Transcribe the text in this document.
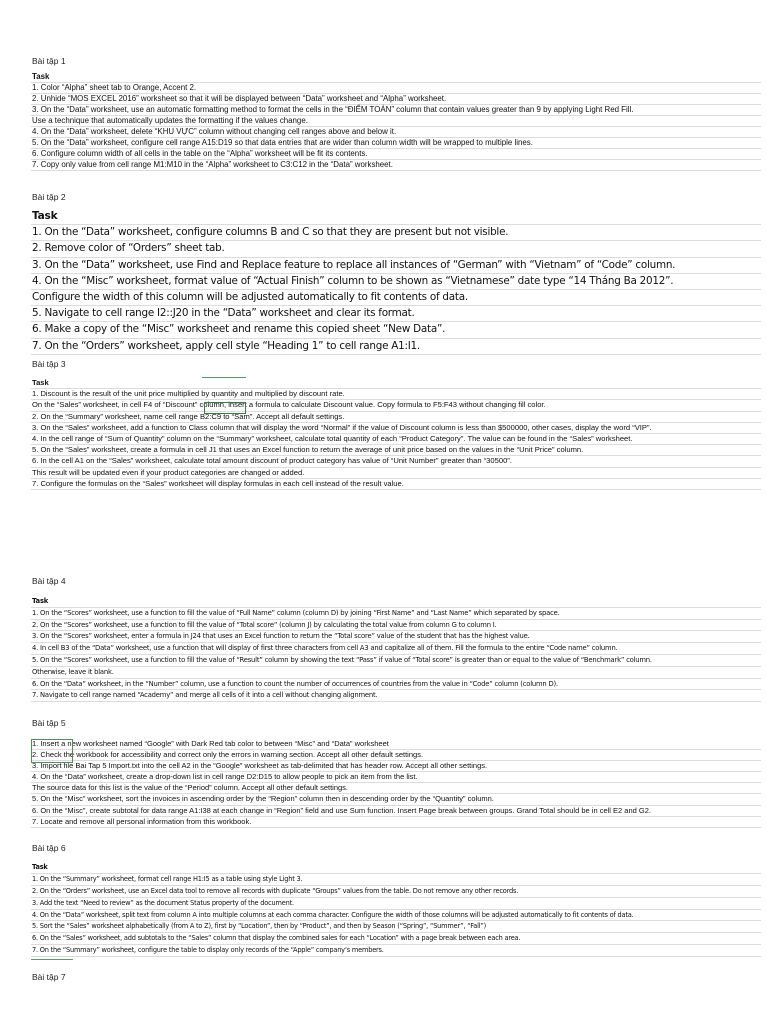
Bài tập 1
Task
1. Color “Alpha” sheet tab to Orange, Accent 2.
2. Unhide “MOS EXCEL 2016” worksheet so that it will be displayed between “Data” worksheet and “Alpha” worksheet.
3. On the “Data” worksheet, use an automatic formatting method to format the cells in the “ĐIỂM TOÁN” column that contain values greater than 9 by applying Light Red Fill.
Use a technique that automatically updates the formatting if the values change.
4. On the “Data” worksheet, delete “KHU VỰC” column without changing cell ranges above and below it.
5. On the “Data” worksheet, configure cell range A15:D19 so that data entries that are wider than column width will be wrapped to multiple lines.
6. Configure column width of all cells in the table on the “Alpha” worksheet will be fit its contents.
7. Copy only value from cell range M1:M10 in the “Alpha” worksheet to C3:C12 in the “Data” worksheet.
Bài tập 2
Task
1. On the “Data” worksheet, configure columns B and C so that they are present but not visible.
2. Remove color of “Orders” sheet tab.
3. On the “Data” worksheet, use Find and Replace feature to replace all instances of “German” with “Vietnam” of “Code” column.
4. On the “Misc” worksheet, format value of “Actual Finish” column to be shown as “Vietnamese” date type “14 Tháng Ba 2012”.
Configure the width of this column will be adjusted automatically to fit contents of data.
5. Navigate to cell range I2::J20 in the “Data” worksheet and clear its format.
6. Make a copy of the “Misc” worksheet and rename this copied sheet “New Data”.
7. On the “Orders” worksheet, apply cell style “Heading 1” to cell range A1:I1.
Bài tập 3
Task
1. Discount is the result of the unit price multiplied by quantity and multiplied by discount rate.
On the “Sales” worksheet, in cell F4 of “Discount” column, insert a formula to calculate Discount value. Copy formula to F5:F43 without changing fill color.
2. On the “Summary” worksheet, name cell range B2:C9 to “Sam”. Accept all default settings.
3. On the “Sales” worksheet, add a function to Class column that will display the word “Normal” if the value of Discount column is less than $500000, other cases, display the word “VIP”.
4. In the cell range of “Sum of Quantity” column on the “Summary” worksheet, calculate total quantity of each “Product Category”. The value can be found in the “Sales” worksheet.
5. On the “Sales” worksheet, create a formula in cell J1 that uses an Excel function to return the average of unit price based on the values in the “Unit Price” column.
6. In the cell A1 on the “Sales” worksheet, calculate total amount discount of product category has value of “Unit Number” greater than “30500”.
This result will be updated even if your product categories are changed or added.
7. Configure the formulas on the “Sales” worksheet will display formulas in each cell instead of the result value.
Bài tập 4
Task
1. On the “Scores” worksheet, use a function to fill the value of “Full Name” column (column D) by joining “First Name” and “Last Name” which separated by space.
2. On the “Scores” worksheet, use a function to fill the value of “Total score” (column J) by calculating the total value from column G to column I.
3. On the “Scores” worksheet, enter a formula in J24 that uses an Excel function to return the “Total score” value of the student that has the highest value.
4. In cell B3 of the “Data” worksheet, use a function that will display of first three characters from cell A3 and capitalize all of them. Fill the formula to the entire “Code name” column.
5. On the “Scores” worksheet, use a function to fill the value of “Result” column by showing the text “Pass” if value of “Total score” is greater than or equal to the value of “Benchmark” column.
Otherwise, leave it blank.
6. On the “Data” worksheet, in the “Number” column, use a function to count the number of occurrences of countries from the value in “Code” column (column D).
7. Navigate to cell range named “Academy” and merge all cells of it into a cell without changing alignment.
Bài tập 5
1. Insert a new worksheet named “Google” with Dark Red tab color to between “Misc” and “Data” worksheet
2. Check the workbook for accessibility and correct only the errors in warning section. Accept all other default settings.
3. Import file Bai Tap 5 Import.txt into the cell A2 in the “Google” worksheet as tab-delimited that has header row. Accept all other settings.
4. On the “Data” worksheet, create a drop-down list in cell range D2:D15 to allow people to pick an item from the list.
The source data for this list is the value of the “Period” column. Accept all other default settings.
5. On the “Misc” worksheet, sort the invoices in ascending order by the “Region” column then in descending order by the “Quantity” column.
6. On the “Misc”, create subtotal for data range A1:I38 at each change in “Region” field and use Sum function. Insert Page break between groups. Grand Total should be in cell E2 and G2.
7. Locate and remove all personal information from this workbook.
Bài tập 6
Task
1. On the “Summary” worksheet, format cell range H1:I5 as a table using style Light 3.
2. On the “Orders” worksheet, use an Excel data tool to remove all records with duplicate “Groups” values from the table. Do not remove any other records.
3. Add the text “Need to review” as the document Status property of the document.
4. On the “Data” worksheet, split text from column A into multiple columns at each comma character. Configure the width of those columns will be adjusted automatically to fit contents of data.
5. Sort the “Sales” worksheet alphabetically (from A to Z), first by “Location”, then by “Product”, and then by Season (“Spring”, “Summer”, “Fall”)
6. On the “Sales” worksheet, add subtotals to the “Sales” column that display the combined sales for each “Location” with a page break between each area.
7. On the “Summary” worksheet, configure the table to display only records of the “Apple” company’s members.
Bài tập 7
